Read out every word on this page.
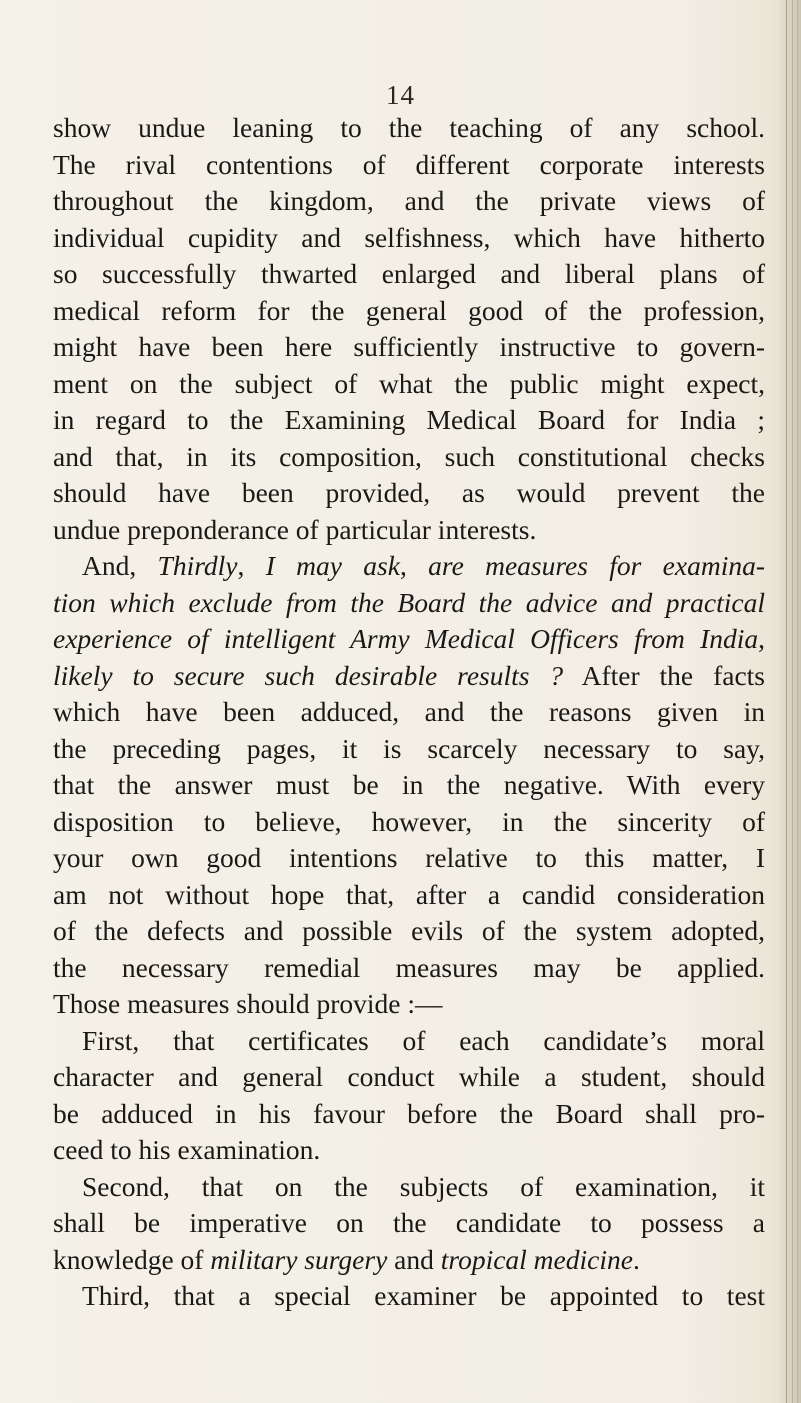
14
show undue leaning to the teaching of any school.
The rival contentions of different corporate interests
throughout the kingdom, and the private views of
individual cupidity and selfishness, which have hitherto
so successfully thwarted enlarged and liberal plans of
medical reform for the general good of the profession,
might have been here sufficiently instructive to govern-
ment on the subject of what the public might expect,
in regard to the Examining Medical Board for India ;
and that, in its composition, such constitutional checks
should have been provided, as would prevent the
undue preponderance of particular interests.
And, Thirdly, I may ask, are measures for examina-
tion which exclude from the Board the advice and practical
experience of intelligent Army Medical Officers from India,
likely to secure such desirable results ? After the facts
which have been adduced, and the reasons given in
the preceding pages, it is scarcely necessary to say,
that the answer must be in the negative. With every
disposition to believe, however, in the sincerity of
your own good intentions relative to this matter, I
am not without hope that, after a candid consideration
of the defects and possible evils of the system adopted,
the necessary remedial measures may be applied.
Those measures should provide :—
First, that certificates of each candidate’s moral
character and general conduct while a student, should
be adduced in his favour before the Board shall pro-
ceed to his examination.
Second, that on the subjects of examination, it
shall be imperative on the candidate to possess a
knowledge of military surgery and tropical medicine.
Third, that a special examiner be appointed to test
